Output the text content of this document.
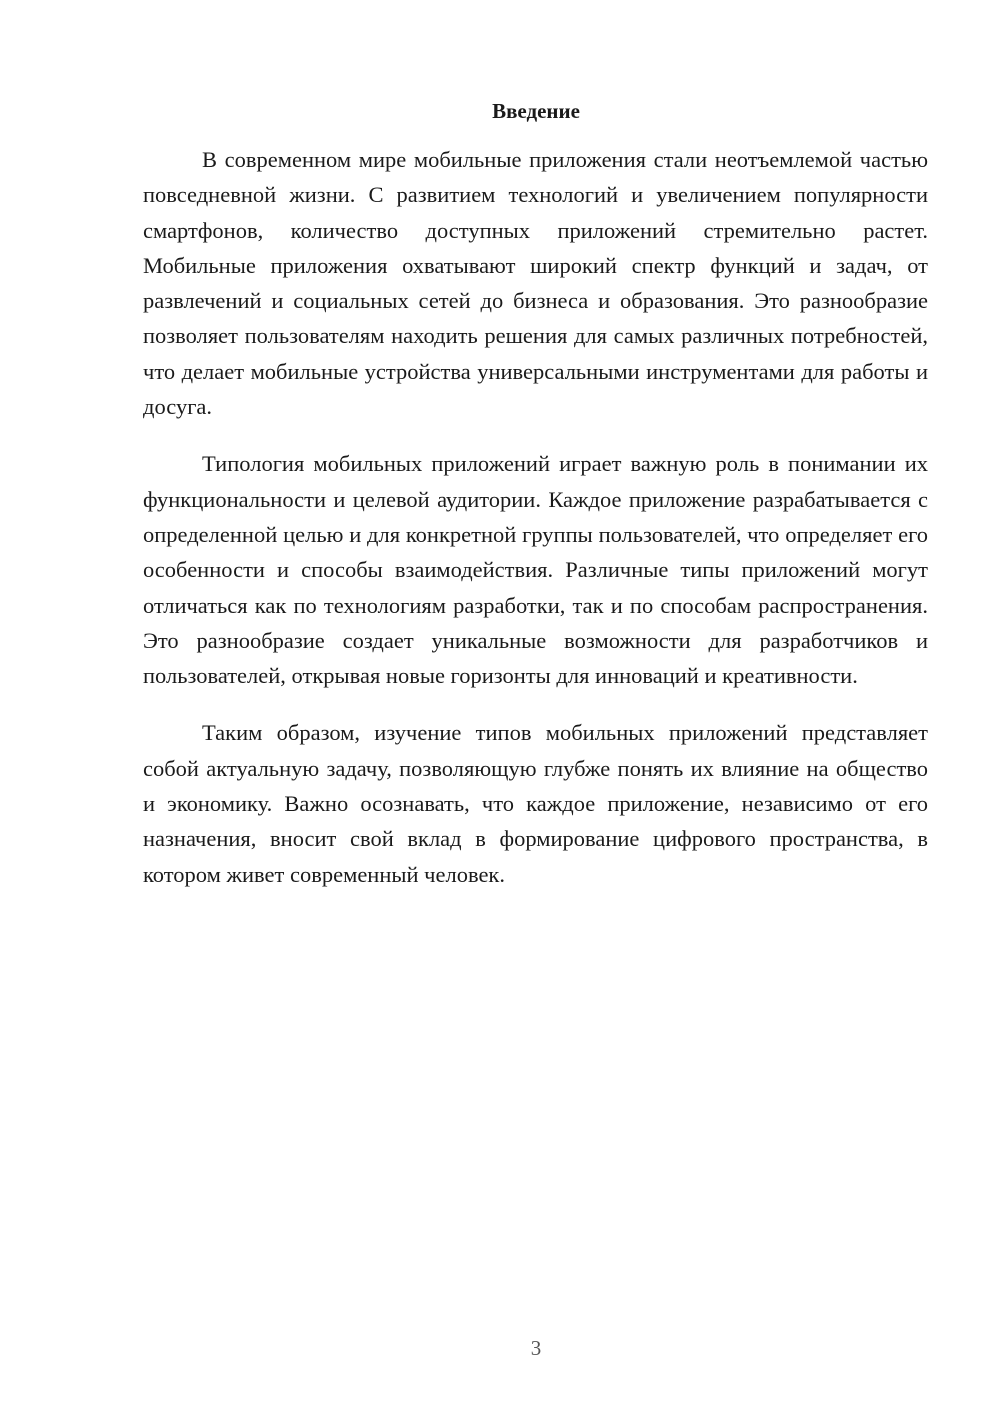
Введение

В современном мире мобильные приложения стали неотъемлемой частью повседневной жизни. С развитием технологий и увеличением популярности смартфонов, количество доступных приложений стремительно растет. Мобильные приложения охватывают широкий спектр функций и задач, от развлечений и социальных сетей до бизнеса и образования. Это разнообразие позволяет пользователям находить решения для самых различных потребностей, что делает мобильные устройства универсальными инструментами для работы и досуга.

Типология мобильных приложений играет важную роль в понимании их функциональности и целевой аудитории. Каждое приложение разрабатывается с определенной целью и для конкретной группы пользователей, что определяет его особенности и способы взаимодействия. Различные типы приложений могут отличаться как по технологиям разработки, так и по способам распространения. Это разнообразие создает уникальные возможности для разработчиков и пользователей, открывая новые горизонты для инноваций и креативности.

Таким образом, изучение типов мобильных приложений представляет собой актуальную задачу, позволяющую глубже понять их влияние на общество и экономику. Важно осознавать, что каждое приложение, независимо от его назначения, вносит свой вклад в формирование цифрового пространства, в котором живет современный человек.

3
